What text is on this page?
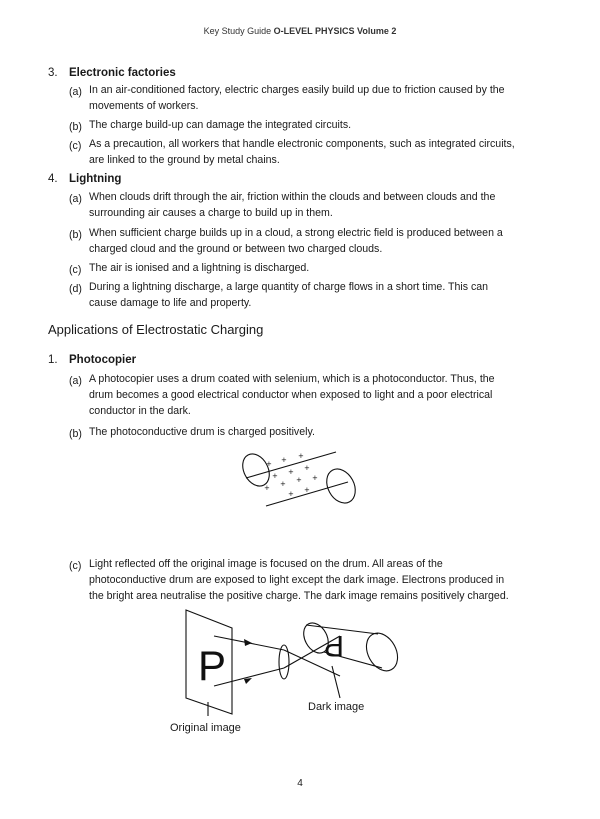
Key Study Guide O-LEVEL PHYSICS Volume 2
3. Electronic factories
(a) In an air-conditioned factory, electric charges easily build up due to friction caused by the
movements of workers.
(b) The charge build-up can damage the integrated circuits.
(c) As a precaution, all workers that handle electronic components, such as integrated circuits,
are linked to the ground by metal chains.
4. Lightning
(a) When clouds drift through the air, friction within the clouds and between clouds and the
surrounding air causes a charge to build up in them.
(b) When sufficient charge builds up in a cloud, a strong electric field is produced between a
charged cloud and the ground or between two charged clouds.
(c) The air is ionised and a lightning is discharged.
(d) During a lightning discharge, a large quantity of charge flows in a short time. This can
cause damage to life and property.
Applications of Electrostatic Charging
1. Photocopier
(a) A photocopier uses a drum coated with selenium, which is a photoconductor. Thus, the
drum becomes a good electrical conductor when exposed to light and a poor electrical
conductor in the dark.
(b) The photoconductive drum is charged positively.
+ + +
+ + +
+ + + +
+ +
(c) Light reflected off the original image is focused on the drum. All areas of the
photoconductive drum are exposed to light except the dark image. Electrons produced in
the bright area neutralise the positive charge. The dark image remains positively charged.
P	P
Dark image
Original image
4
